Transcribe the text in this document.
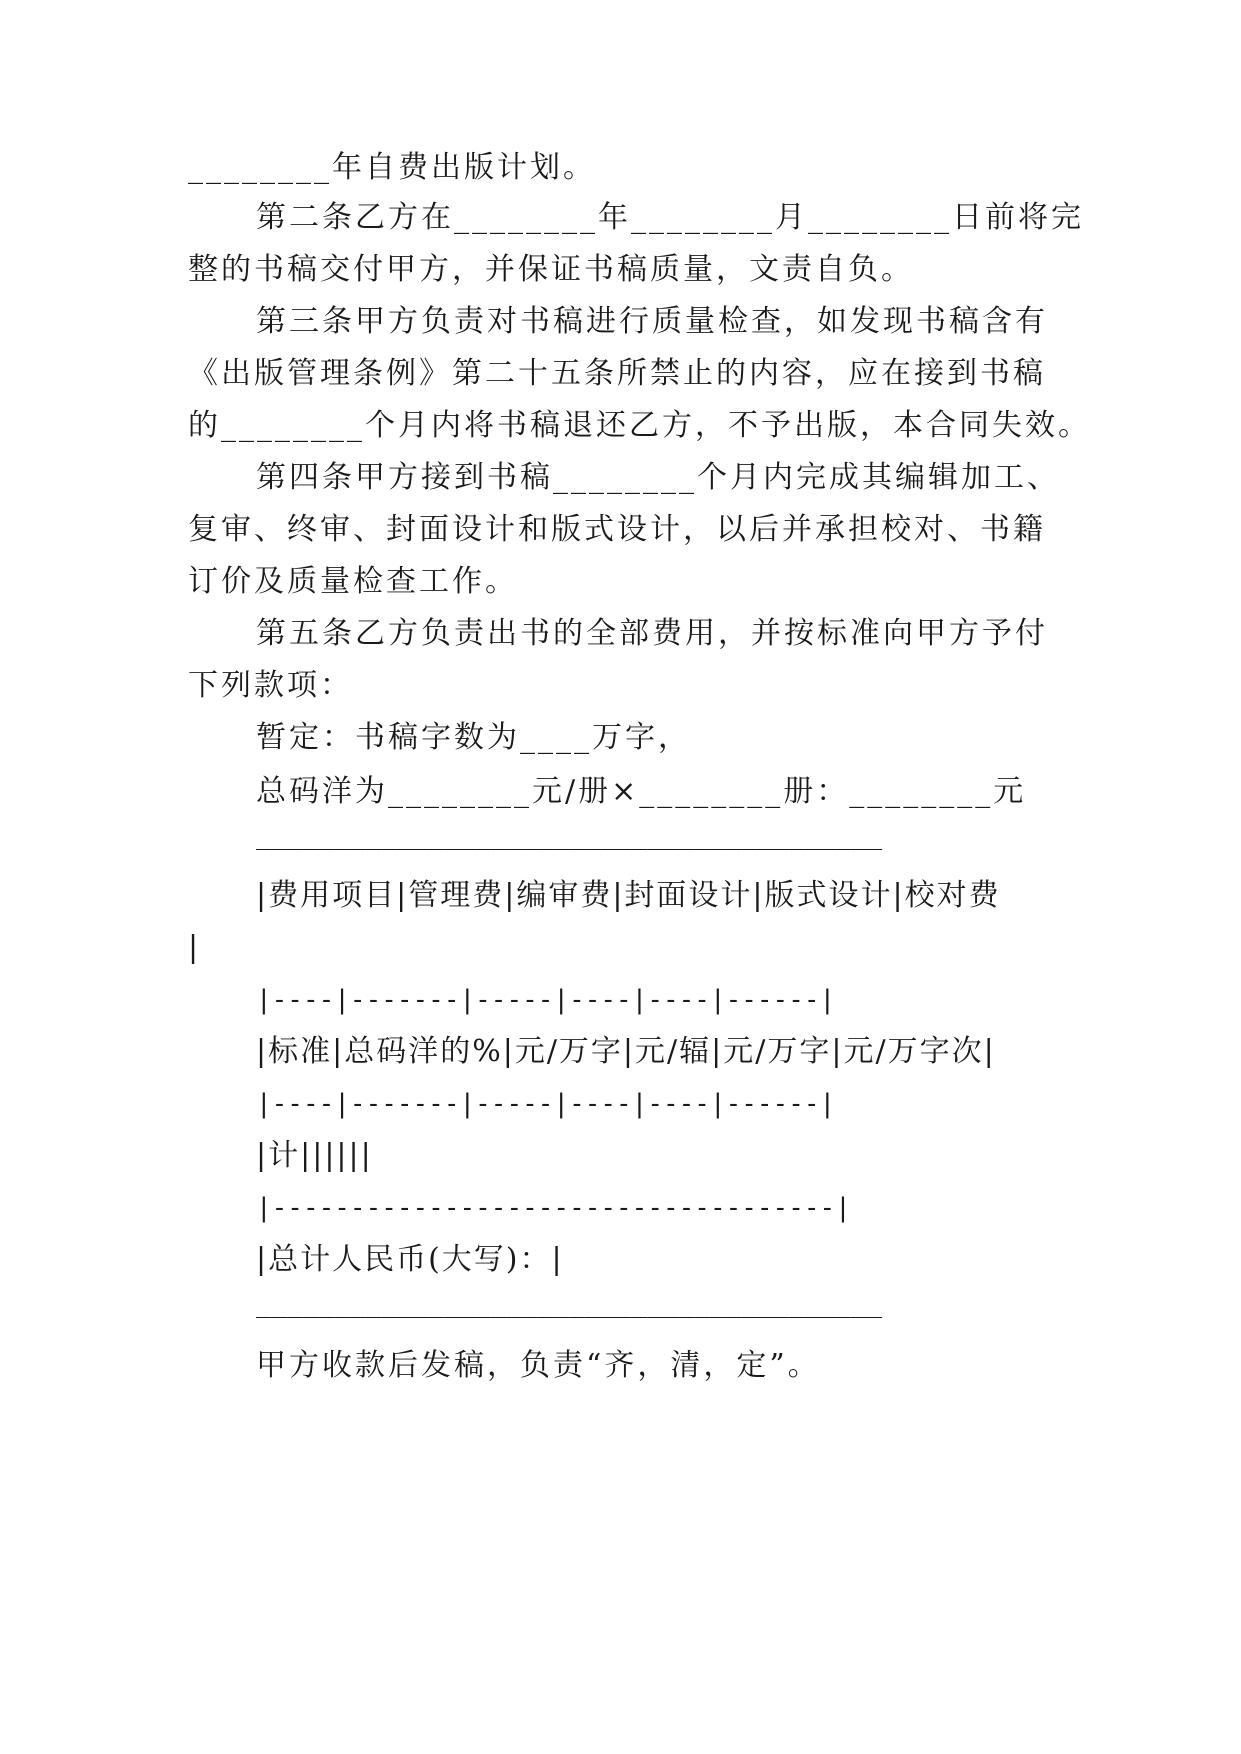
________年自费出版计划。
第二条乙方在________年________月________日前将完
整的书稿交付甲方，并保证书稿质量，文责自负。
第三条甲方负责对书稿进行质量检查，如发现书稿含有
《出版管理条例》第二十五条所禁止的内容，应在接到书稿
的________个月内将书稿退还乙方，不予出版，本合同失效。
第四条甲方接到书稿________个月内完成其编辑加工、
复审、终审、封面设计和版式设计，以后并承担校对、书籍
订价及质量检查工作。
第五条乙方负责出书的全部费用，并按标准向甲方予付
下列款项：
暂定：书稿字数为____万字，
总码洋为________元/册×________册：________元
________________________________________
|费用项目|管理费|编审费|封面设计|版式设计|校对费
|
|----|-------|-----|----|----|------|
|标准|总码洋的%|元/万字|元/辐|元/万字|元/万字次|
|----|-------|-----|----|----|------|
|计||||||
|------------------------------------|
|总计人民币(大写)：|
________________________________________
甲方收款后发稿，负责“齐，清，定”。
